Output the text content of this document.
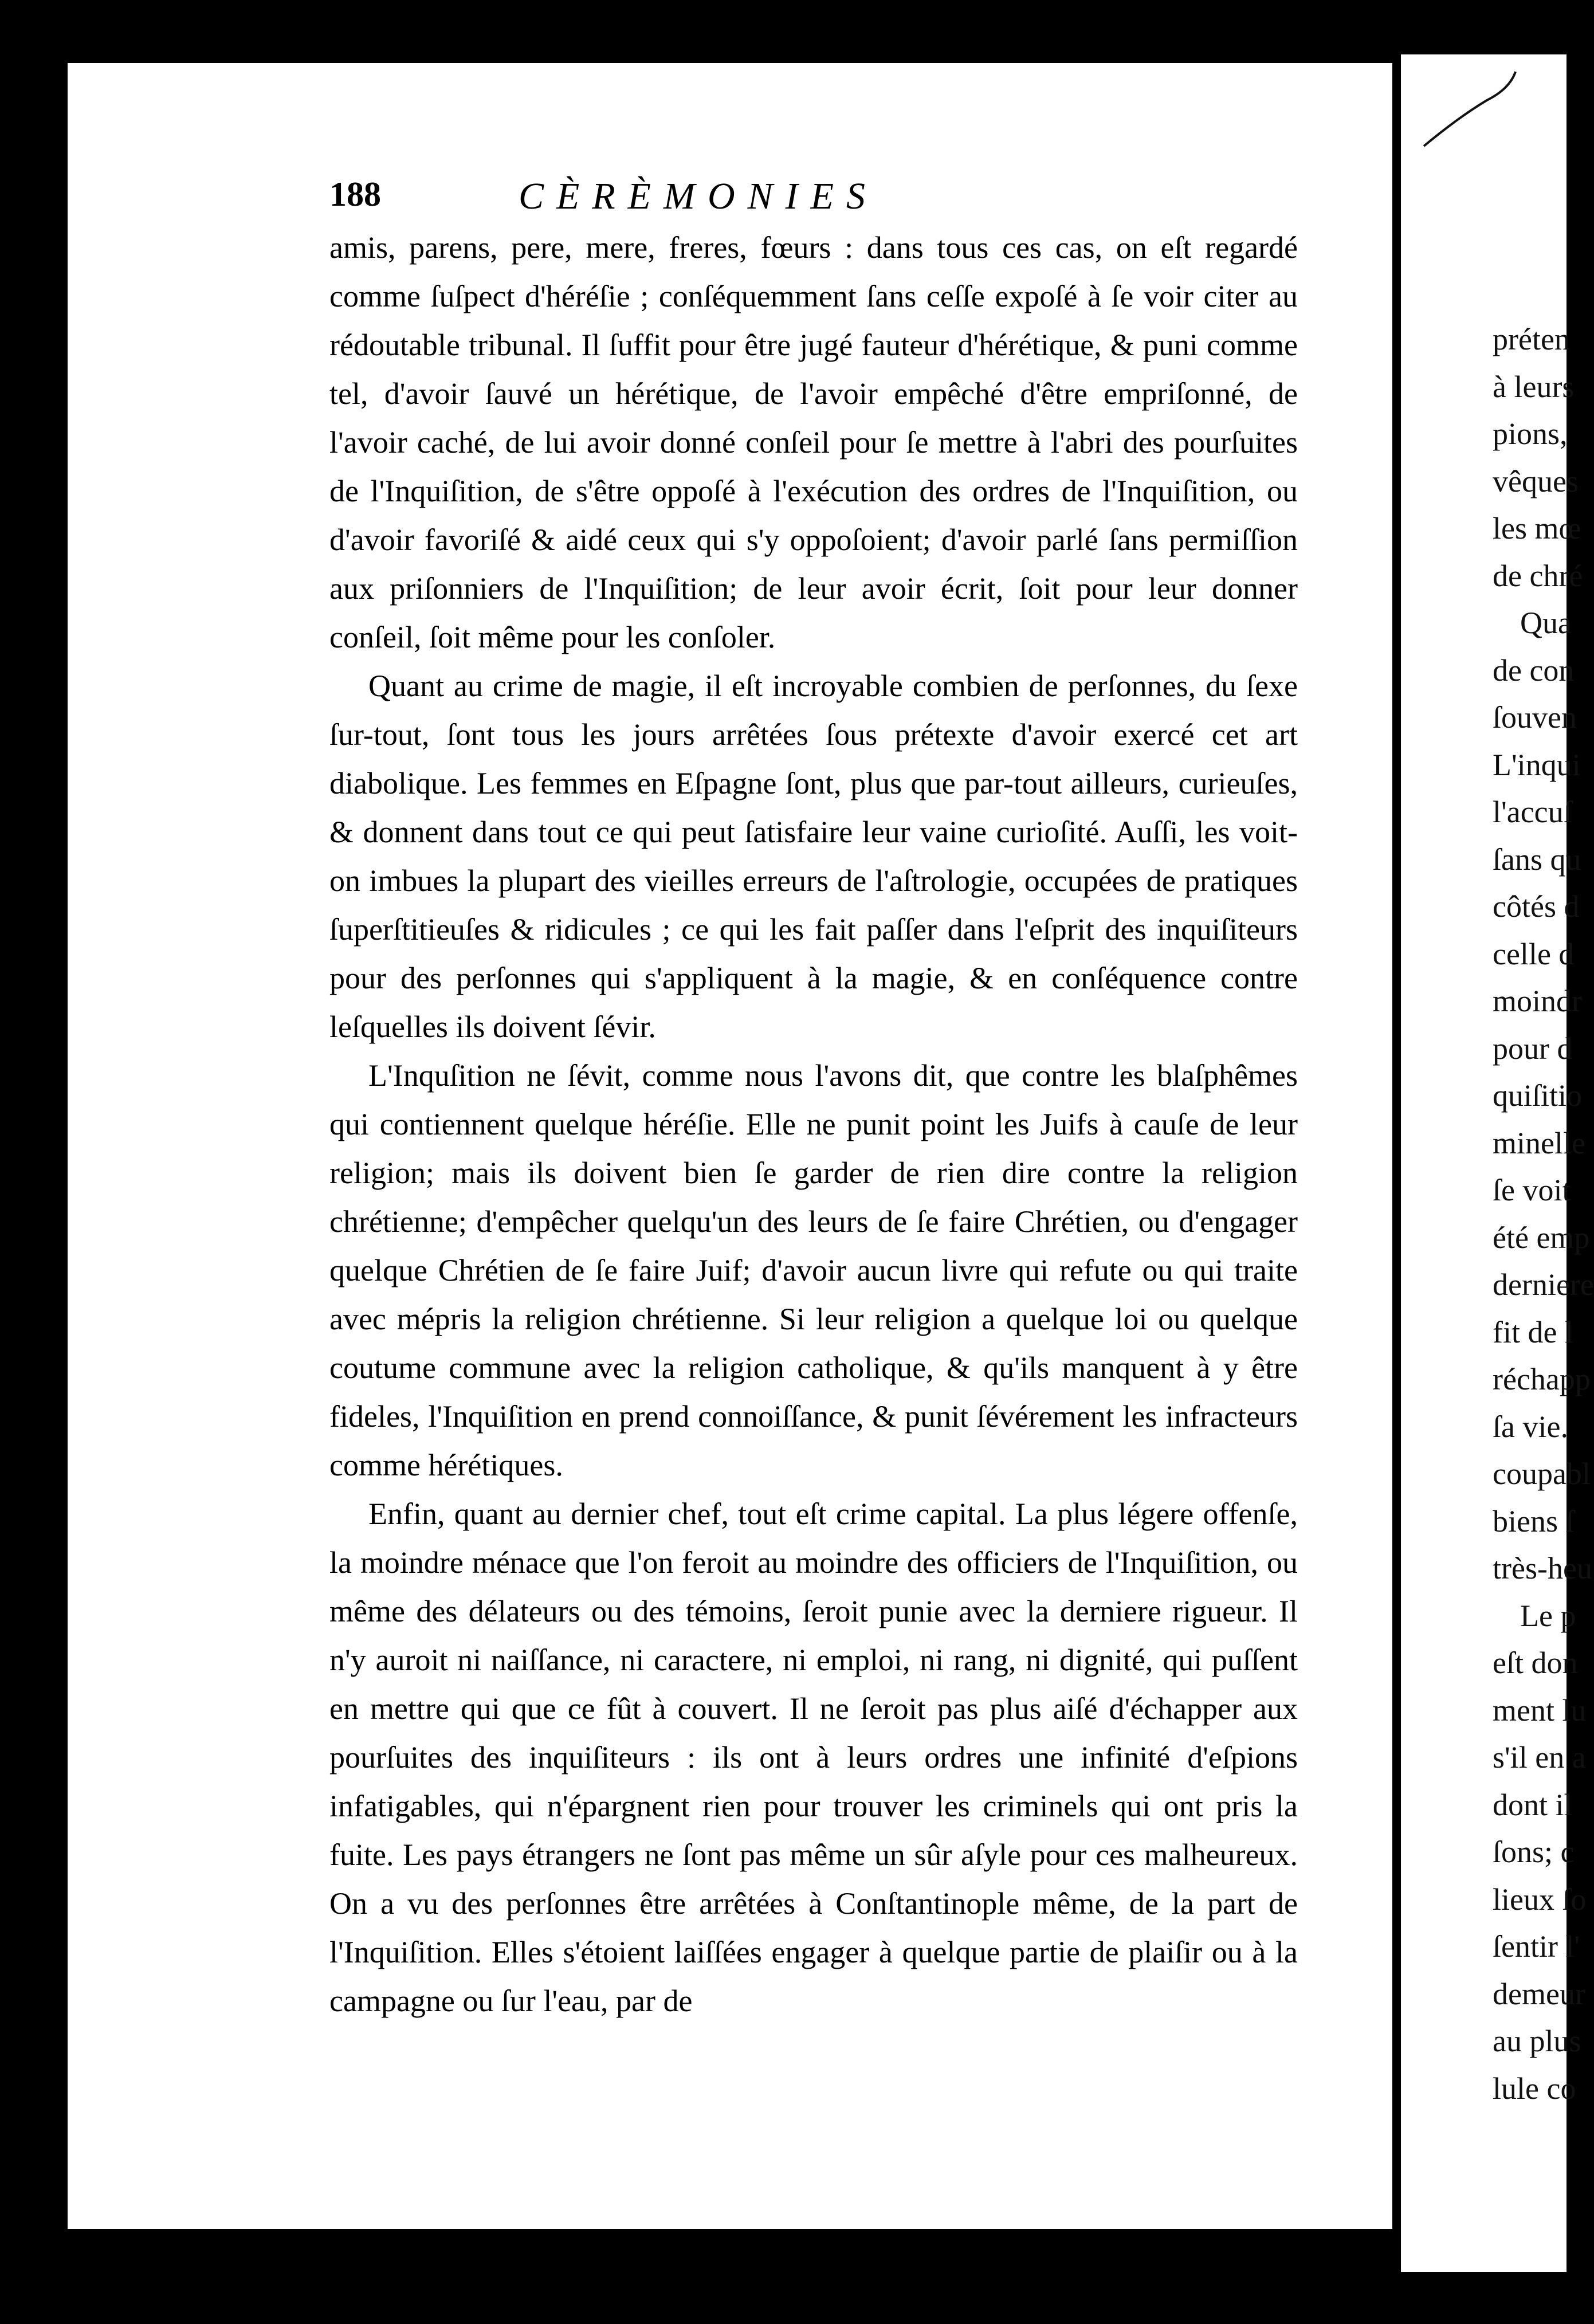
188	CÈRÈMONIES

amis, parens, pere, mere, freres, fœurs : dans tous ces cas, on eſt regardé comme ſuſpect d'héréſie ; conſéquemment ſans ceſſe expoſé à ſe voir citer au rédoutable tribunal. Il ſuffit pour être jugé fauteur d'hérétique, & puni comme tel, d'avoir ſauvé un hérétique, de l'avoir empêché d'être empriſonné, de l'avoir caché, de lui avoir donné conſeil pour ſe mettre à l'abri des pourſuites de l'Inquiſition, de s'être oppoſé à l'exécution des ordres de l'Inquiſition, ou d'avoir favoriſé & aidé ceux qui s'y oppoſoient; d'avoir parlé ſans permiſſion aux priſonniers de l'Inquiſition; de leur avoir écrit, ſoit pour leur donner conſeil, ſoit même pour les conſoler.

Quant au crime de magie, il eſt incroyable combien de perſonnes, du ſexe ſur-tout, ſont tous les jours arrêtées ſous prétexte d'avoir exercé cet art diabolique. Les femmes en Eſpagne ſont, plus que par-tout ailleurs, curieuſes, & donnent dans tout ce qui peut ſatisfaire leur vaine curioſité. Auſſi, les voit-on imbues la plupart des vieilles erreurs de l'aſtrologie, occupées de pratiques ſuperſtitieuſes & ridicules ; ce qui les fait paſſer dans l'eſprit des inquiſiteurs pour des perſonnes qui s'appliquent à la magie, & en conſéquence contre leſquelles ils doivent ſévir.

L'Inquſition ne ſévit, comme nous l'avons dit, que contre les blaſphêmes qui contiennent quelque héréſie. Elle ne punit point les Juifs à cauſe de leur religion; mais ils doivent bien ſe garder de rien dire contre la religion chrétienne; d'empêcher quelqu'un des leurs de ſe faire Chrétien, ou d'engager quelque Chrétien de ſe faire Juif; d'avoir aucun livre qui refute ou qui traite avec mépris la religion chrétienne. Si leur religion a quelque loi ou quelque coutume commune avec la religion catholique, & qu'ils manquent à y être fideles, l'Inquiſition en prend connoiſſance, & punit ſévérement les infracteurs comme hérétiques.

Enfin, quant au dernier chef, tout eſt crime capital. La plus légere offenſe, la moindre ménace que l'on feroit au moindre des officiers de l'Inquiſition, ou même des délateurs ou des témoins, ſeroit punie avec la derniere rigueur. Il n'y auroit ni naiſſance, ni caractere, ni emploi, ni rang, ni dignité, qui puſſent en mettre qui que ce fût à couvert. Il ne ſeroit pas plus aiſé d'échapper aux pourſuites des inquiſiteurs : ils ont à leurs ordres une infinité d'eſpions infatigables, qui n'épargnent rien pour trouver les criminels qui ont pris la fuite. Les pays étrangers ne ſont pas même un sûr aſyle pour ces malheureux. On a vu des perſonnes être arrêtées à Conſtantinople même, de la part de l'Inquiſition. Elles s'étoient laiſſées engager à quelque partie de plaiſir ou à la campagne ou ſur l'eau, par de

préten
à leurs
pions,
vêques
les mœ
de chré
Qua
de con
ſouven
L'inqui
l'accuſ
ſans qu
côtés d
celle d
moindr
pour d
quiſitio
minelle
ſe voit
été emp
derniere
fit de l
réchapp
ſa vie.
coupabl
biens ſ
très-heu
Le p
eſt don
ment lu
s'il en a
dont il
ſons; c
lieux ſo
ſentir l'
demeur
au plus
lule co
